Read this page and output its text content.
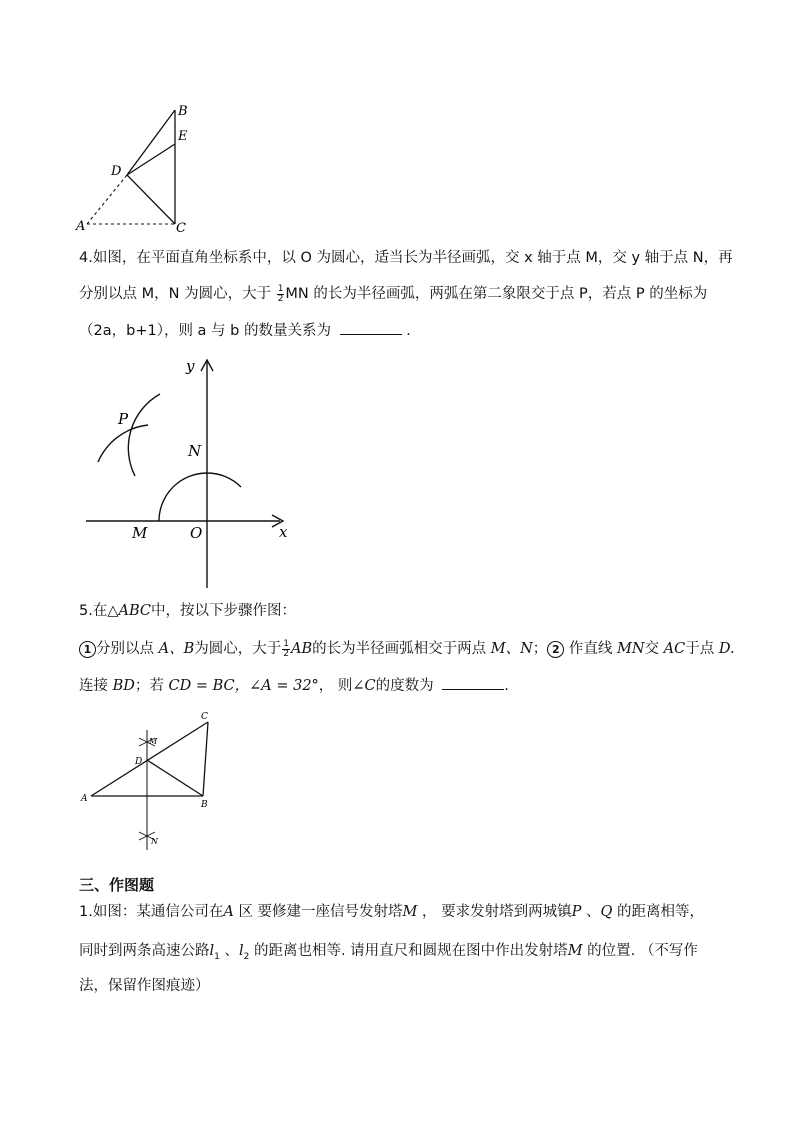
B
E
D
A	C
4.如图，在平面直角坐标系中，以 O 为圆心，适当长为半径画弧，交 x 轴于点 M，交 y 轴于点 N，再
分别以点 M，N 为圆心，大于 $\frac{1}{2}$ MN 的长为半径画弧，两弧在第二象限交于点 P，若点 P 的坐标为
（2a，b+1），则 a 与 b 的数量关系为	．
y
x
P
N
M	O
5.在△ABC中，按以下步骤作图：
1 分别以点 A、B为圆心，大于 $\frac{1}{2}$ AB的长为半径画弧相交于两点 M、N； 2 作直线 MN交 AC于点 D.
连接 BD；若 CD = BC，∠A = 32°， 则∠C的度数为	.
C
M
D
A
B
N
三、作图题
1.如图：某通信公司在A 区 要修建一座信号发射塔M ， 要求发射塔到两城镇P 、Q 的距离相等，
同时到两条高速公路$l_1$ 、$l_2$ 的距离也相等. 请用直尺和圆规在图中作出发射塔M 的位置. （不写作
法，保留作图痕迹）
